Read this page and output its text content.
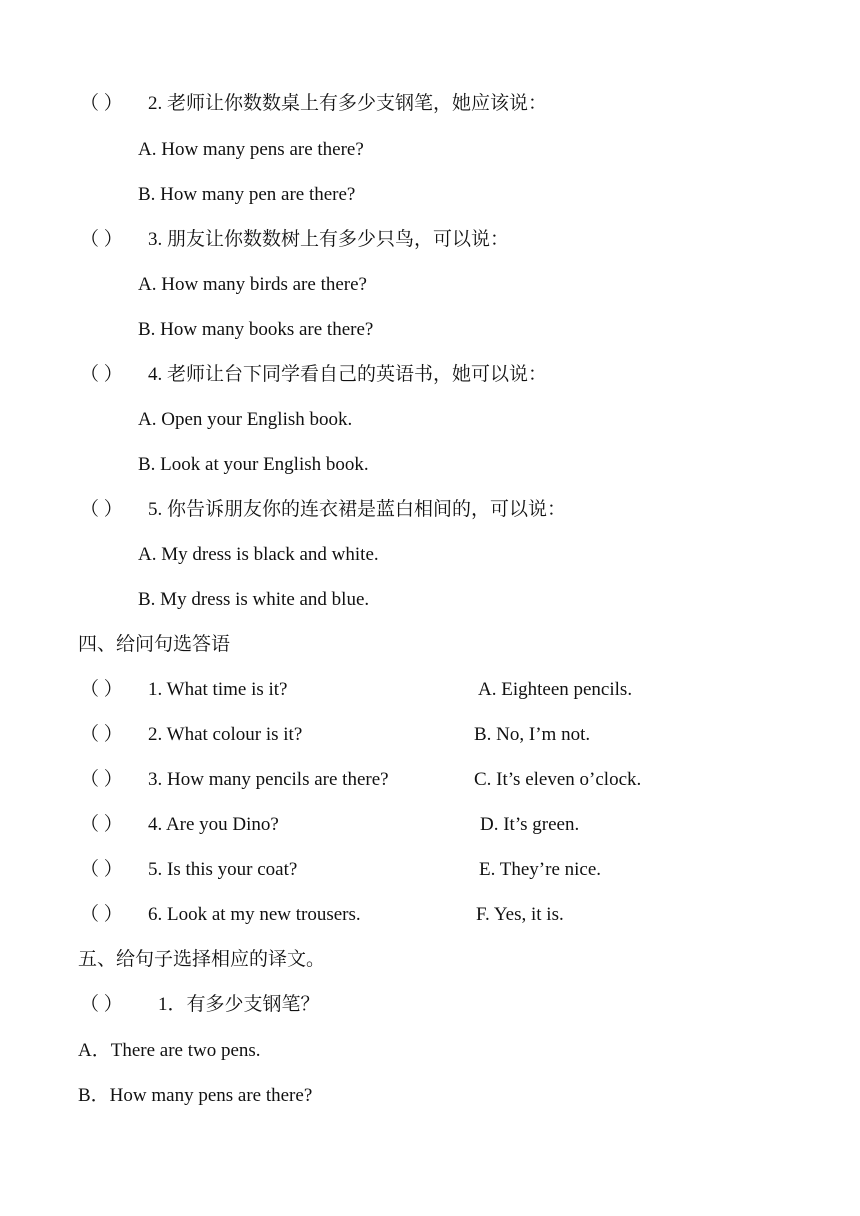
（ ） 2. 老师让你数数桌上有多少支钢笔，她应该说：
A. How many pens are there?
B. How many pen are there?
（ ） 3. 朋友让你数数树上有多少只鸟，可以说：
A. How many birds are there?
B. How many books are there?
（ ） 4. 老师让台下同学看自己的英语书，她可以说：
A. Open your English book.
B. Look at your English book.
（ ） 5. 你告诉朋友你的连衣裙是蓝白相间的，可以说：
A. My dress is black and white.
B. My dress is white and blue.
四、给问句选答语
（ ） 1. What time is it?	A. Eighteen pencils.
（ ） 2. What colour is it?	B. No, I’m not.
（ ） 3. How many pencils are there?	C. It’s eleven o’clock.
（ ） 4. Are you Dino?	D. It’s green.
（ ） 5. Is this your coat?	E. They’re nice.
（ ） 6. Look at my new trousers.	F. Yes, it is.
五、给句子选择相应的译文。
（ ） 1．有多少支钢笔？
A．There are two pens.
B．How many pens are there?
